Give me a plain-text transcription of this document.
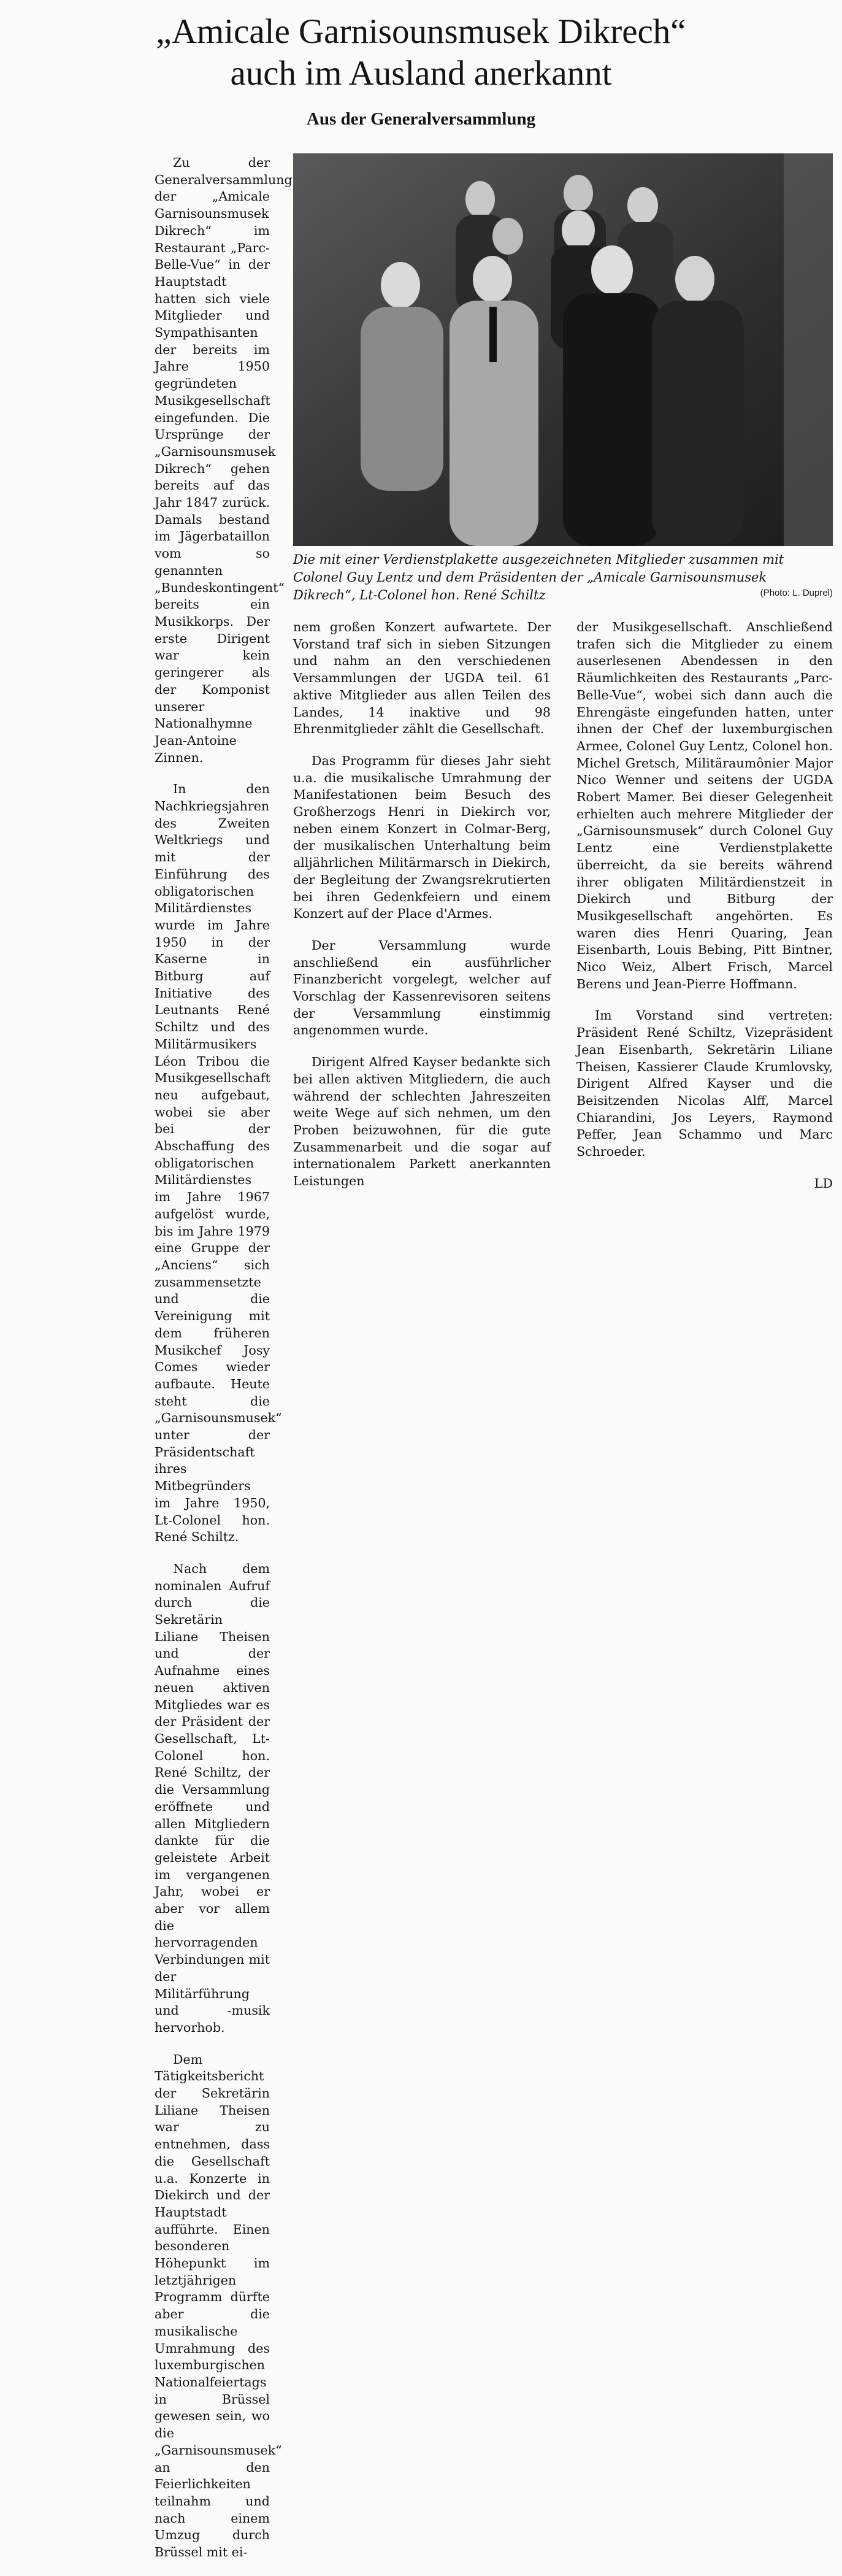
„Amicale Garnisounsmusek Dikrech“
auch im Ausland anerkannt
Aus der Generalversammlung

Zu der Generalversammlung der „Amicale Garnisounsmusek Dikrech“ im Restaurant „Parc-Belle-Vue“ in der Hauptstadt hatten sich viele Mitglieder und Sympathisanten der bereits im Jahre 1950 gegründeten Musikgesellschaft eingefunden. Die Ursprünge der „Garnisounsmusek Dikrech“ gehen bereits auf das Jahr 1847 zurück. Damals bestand im Jägerbataillon vom so genannten „Bundeskontingent“ bereits ein Musikkorps. Der erste Dirigent war kein geringerer als der Komponist unserer Nationalhymne Jean-Antoine Zinnen.

In den Nachkriegsjahren des Zweiten Weltkriegs und mit der Einführung des obligatorischen Militärdienstes wurde im Jahre 1950 in der Kaserne in Bitburg auf Initiative des Leutnants René Schiltz und des Militärmusikers Léon Tribou die Musikgesellschaft neu aufgebaut, wobei sie aber bei der Abschaffung des obligatorischen Militärdienstes im Jahre 1967 aufgelöst wurde, bis im Jahre 1979 eine Gruppe der „Anciens“ sich zusammensetzte und die Vereinigung mit dem früheren Musikchef Josy Comes wieder aufbaute. Heute steht die „Garnisounsmusek“ unter der Präsidentschaft ihres Mitbegründers im Jahre 1950, Lt-Colonel hon. René Schiltz.

Nach dem nominalen Aufruf durch die Sekretärin Liliane Theisen und der Aufnahme eines neuen aktiven Mitgliedes war es der Präsident der Gesellschaft, Lt-Colonel hon. René Schiltz, der die Versammlung eröffnete und allen Mitgliedern dankte für die geleistete Arbeit im vergangenen Jahr, wobei er aber vor allem die hervorragenden Verbindungen mit der Militärführung und -musik hervorhob.

Dem Tätigkeitsbericht der Sekretärin Liliane Theisen war zu entnehmen, dass die Gesellschaft u.a. Konzerte in Diekirch und der Hauptstadt aufführte. Einen besonderen Höhepunkt im letztjährigen Programm dürfte aber die musikalische Umrahmung des luxemburgischen Nationalfeiertags in Brüssel gewesen sein, wo die „Garnisounsmusek“ an den Feierlichkeiten teilnahm und nach einem Umzug durch Brüssel mit ei-

Die mit einer Verdienstplakette ausgezeichneten Mitglieder zusammen mit Colonel Guy Lentz und dem Präsidenten der „Amicale Garnisounsmusek Dikrech“, Lt-Colonel hon. René Schiltz	(Photo: L. Duprel)

nem großen Konzert aufwartete. Der Vorstand traf sich in sieben Sitzungen und nahm an den verschiedenen Versammlungen der UGDA teil. 61 aktive Mitglieder aus allen Teilen des Landes, 14 inaktive und 98 Ehrenmitglieder zählt die Gesellschaft.

Das Programm für dieses Jahr sieht u.a. die musikalische Umrahmung der Manifestationen beim Besuch des Großherzogs Henri in Diekirch vor, neben einem Konzert in Colmar-Berg, der musikalischen Unterhaltung beim alljährlichen Militärmarsch in Diekirch, der Begleitung der Zwangsrekrutierten bei ihren Gedenkfeiern und einem Konzert auf der Place d'Armes.

Der Versammlung wurde anschließend ein ausführlicher Finanzbericht vorgelegt, welcher auf Vorschlag der Kassenrevisoren seitens der Versammlung einstimmig angenommen wurde.

Dirigent Alfred Kayser bedankte sich bei allen aktiven Mitgliedern, die auch während der schlechten Jahreszeiten weite Wege auf sich nehmen, um den Proben beizuwohnen, für die gute Zusammenarbeit und die sogar auf internationalem Parkett anerkannten Leistungen

der Musikgesellschaft. Anschließend trafen sich die Mitglieder zu einem auserlesenen Abendessen in den Räumlichkeiten des Restaurants „Parc-Belle-Vue“, wobei sich dann auch die Ehrengäste eingefunden hatten, unter ihnen der Chef der luxemburgischen Armee, Colonel Guy Lentz, Colonel hon. Michel Gretsch, Militäraumônier Major Nico Wenner und seitens der UGDA Robert Mamer. Bei dieser Gelegenheit erhielten auch mehrere Mitglieder der „Garnisounsmusek“ durch Colonel Guy Lentz eine Verdienstplakette überreicht, da sie bereits während ihrer obligaten Militärdienstzeit in Diekirch und Bitburg der Musikgesellschaft angehörten. Es waren dies Henri Quaring, Jean Eisenbarth, Louis Bebing, Pitt Bintner, Nico Weiz, Albert Frisch, Marcel Berens und Jean-Pierre Hoffmann.

Im Vorstand sind vertreten: Präsident René Schiltz, Vizepräsident Jean Eisenbarth, Sekretärin Liliane Theisen, Kassierer Claude Krumlovsky, Dirigent Alfred Kayser und die Beisitzenden Nicolas Alff, Marcel Chiarandini, Jos Leyers, Raymond Peffer, Jean Schammo und Marc Schroeder.

LD
